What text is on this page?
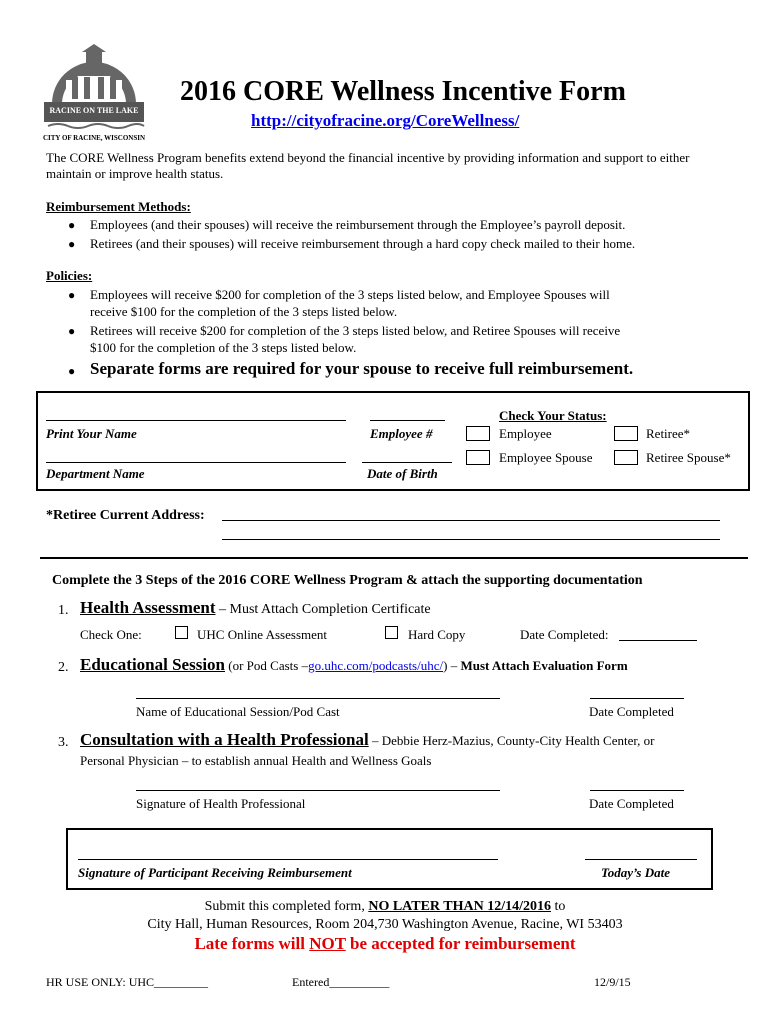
RACINE ON THE LAKE
CITY OF RACINE, WISCONSIN
2016 CORE Wellness Incentive Form
http://cityofracine.org/CoreWellness/
The CORE Wellness Program benefits extend beyond the financial incentive by providing information and support to either maintain or improve health status.
Reimbursement Methods:
● Employees (and their spouses) will receive the reimbursement through the Employee’s payroll deposit.
● Retirees (and their spouses) will receive reimbursement through a hard copy check mailed to their home.
Policies:
● Employees will receive $200 for completion of the 3 steps listed below, and Employee Spouses will
receive $100 for the completion of the 3 steps listed below.
● Retirees will receive $200 for completion of the 3 steps listed below, and Retiree Spouses will receive
$100 for the completion of the 3 steps listed below.
● Separate forms are required for your spouse to receive full reimbursement.
Print Your Name	Employee #
Department Name	Date of Birth
Check Your Status:
Employee	Retiree*
Employee Spouse	Retiree Spouse*
*Retiree Current Address:
Complete the 3 Steps of the 2016 CORE Wellness Program & attach the supporting documentation
1. Health Assessment – Must Attach Completion Certificate
Check One:	UHC Online Assessment	Hard Copy	Date Completed:
2. Educational Session (or Pod Casts –go.uhc.com/podcasts/uhc/) – Must Attach Evaluation Form
Name of Educational Session/Pod Cast	Date Completed
3. Consultation with a Health Professional – Debbie Herz-Mazius, County-City Health Center, or
Personal Physician – to establish annual Health and Wellness Goals
Signature of Health Professional	Date Completed
Signature of Participant Receiving Reimbursement	Today’s Date
Submit this completed form, NO LATER THAN 12/14/2016 to
City Hall, Human Resources, Room 204,730 Washington Avenue, Racine, WI 53403
Late forms will NOT be accepted for reimbursement
HR USE ONLY: UHC_________	Entered__________	12/9/15
